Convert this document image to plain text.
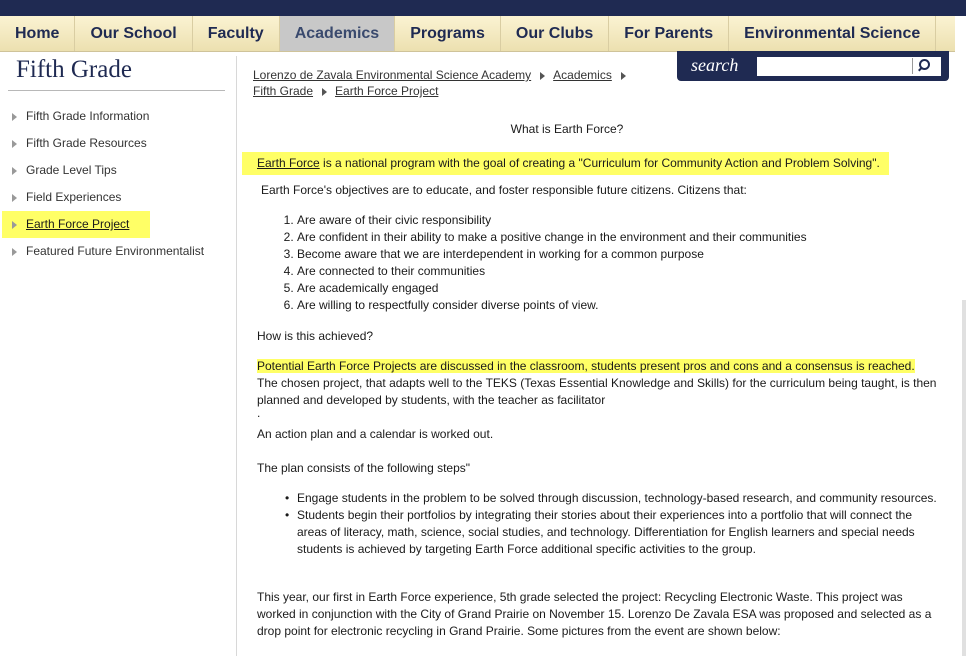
Home	Our School	Faculty	Academics	Programs	Our Clubs	For Parents	Environmental Science
Fifth Grade
Fifth Grade Information
Fifth Grade Resources
Grade Level Tips
Field Experiences
Earth Force Project
Featured Future Environmentalist
Lorenzo de Zavala Environmental Science Academy Academics
Fifth Grade Earth Force Project
search

What is Earth Force?

Earth Force is a national program with the goal of creating a "Curriculum for Community Action and Problem Solving".

Earth Force's objectives are to educate, and foster responsible future citizens. Citizens that:

1. Are aware of their civic responsibility
2. Are confident in their ability to make a positive change in the environment and their communities
3. Become aware that we are interdependent in working for a common purpose
4. Are connected to their communities
5. Are academically engaged
6. Are willing to respectfully consider diverse points of view.

How is this achieved?

Potential Earth Force Projects are discussed in the classroom, students present pros and cons and a consensus is reached. The chosen project, that adapts well to the TEKS (Texas Essential Knowledge and Skills) for the curriculum being taught, is then planned and developed by students, with the teacher as facilitator

.

An action plan and a calendar is worked out.

The plan consists of the following steps"

• Engage students in the problem to be solved through discussion, technology-based research, and community resources.
• Students begin their portfolios by integrating their stories about their experiences into a portfolio that will connect the areas of literacy, math, science, social studies, and technology. Differentiation for English learners and special needs students is achieved by targeting Earth Force additional specific activities to the group.

This year, our first in Earth Force experience, 5th grade selected the project: Recycling Electronic Waste. This project was worked in conjunction with the City of Grand Prairie on November 15. Lorenzo De Zavala ESA was proposed and selected as a drop point for electronic recycling in Grand Prairie. Some pictures from the event are shown below:
